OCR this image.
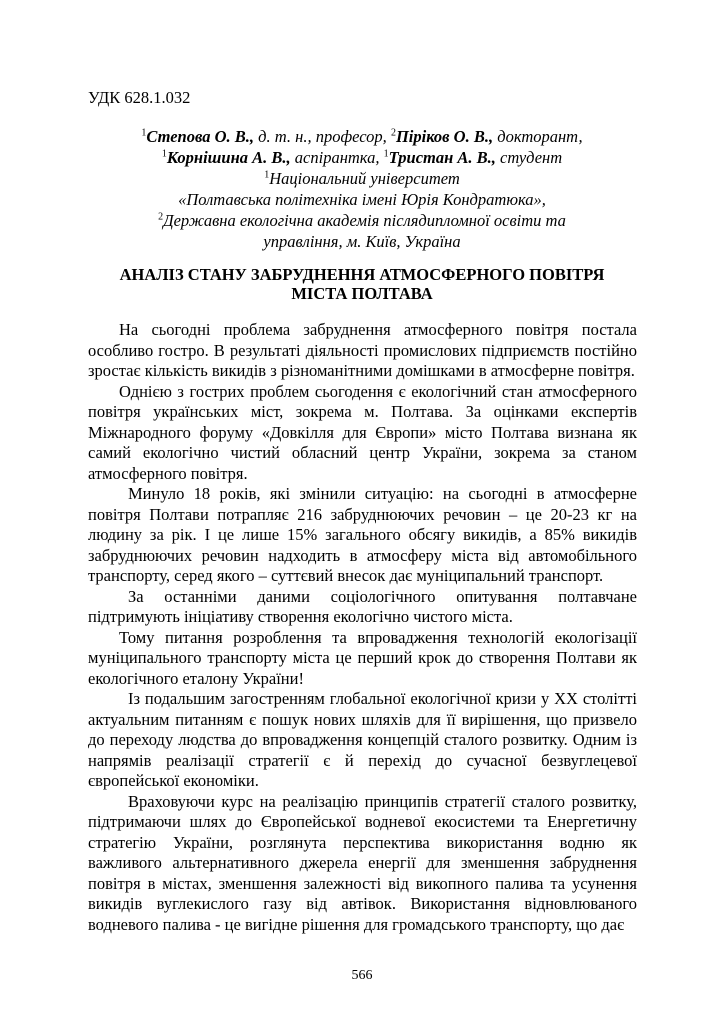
УДК 628.1.032
$^1$Степова О. В., д. т. н., професор, $^2$Піріков О. В., докторант,
$^1$Корнішина А. В., аспірантка, $^1$Тристан А. В., студент
$^1$Національний університет
«Полтавська політехніка імені Юрія Кондратюка»,
$^2$Державна екологічна академія післядипломної освіти та
управління, м. Київ, Україна
АНАЛІЗ СТАНУ ЗАБРУДНЕННЯ АТМОСФЕРНОГО ПОВІТРЯ
МІСТА ПОЛТАВА

На сьогодні проблема забруднення атмосферного повітря постала особливо гостро. В результаті діяльності промислових підприємств постійно зростає кількість викидів з різноманітними домішками в атмосферне повітря.

Однією з гострих проблем сьогодення є екологічний стан атмосферного повітря українських міст, зокрема м. Полтава. За оцінками експертів Міжнародного форуму «Довкілля для Європи» місто Полтава визнана як самий екологічно чистий обласний центр України, зокрема за станом атмосферного повітря.

Минуло 18 років, які змінили ситуацію: на сьогодні в атмосферне повітря Полтави потрапляє 216 забруднюючих речовин – це 20-23 кг на людину за рік. І це лише 15% загального обсягу викидів, а 85% викидів забруднюючих речовин надходить в атмосферу міста від автомобільного транспорту, серед якого – суттєвий внесок дає муніципальний транспорт.

За останніми даними соціологічного опитування полтавчане підтримують ініціативу створення екологічно чистого міста.

Тому питання розроблення та впровадження технологій екологізації муніципального транспорту міста це перший крок до створення Полтави як екологічного еталону України!

Із подальшим загостренням глобальної екологічної кризи у ХХ столітті актуальним питанням є пошук нових шляхів для її вирішення, що призвело до переходу людства до впровадження концепцій сталого розвитку. Одним із напрямів реалізації стратегії є й перехід до сучасної безвуглецевої європейської економіки.

Враховуючи курс на реалізацію принципів стратегії сталого розвитку, підтримаючи шлях до Європейської водневої екосистеми та Енергетичну стратегію України, розглянута перспектива використання водню як важливого альтернативного джерела енергії для зменшення забруднення повітря в містах, зменшення залежності від викопного палива та усунення викидів вуглекислого газу від автівок. Використання відновлюваного водневого палива - це вигідне рішення для громадського транспорту, що дає

566
